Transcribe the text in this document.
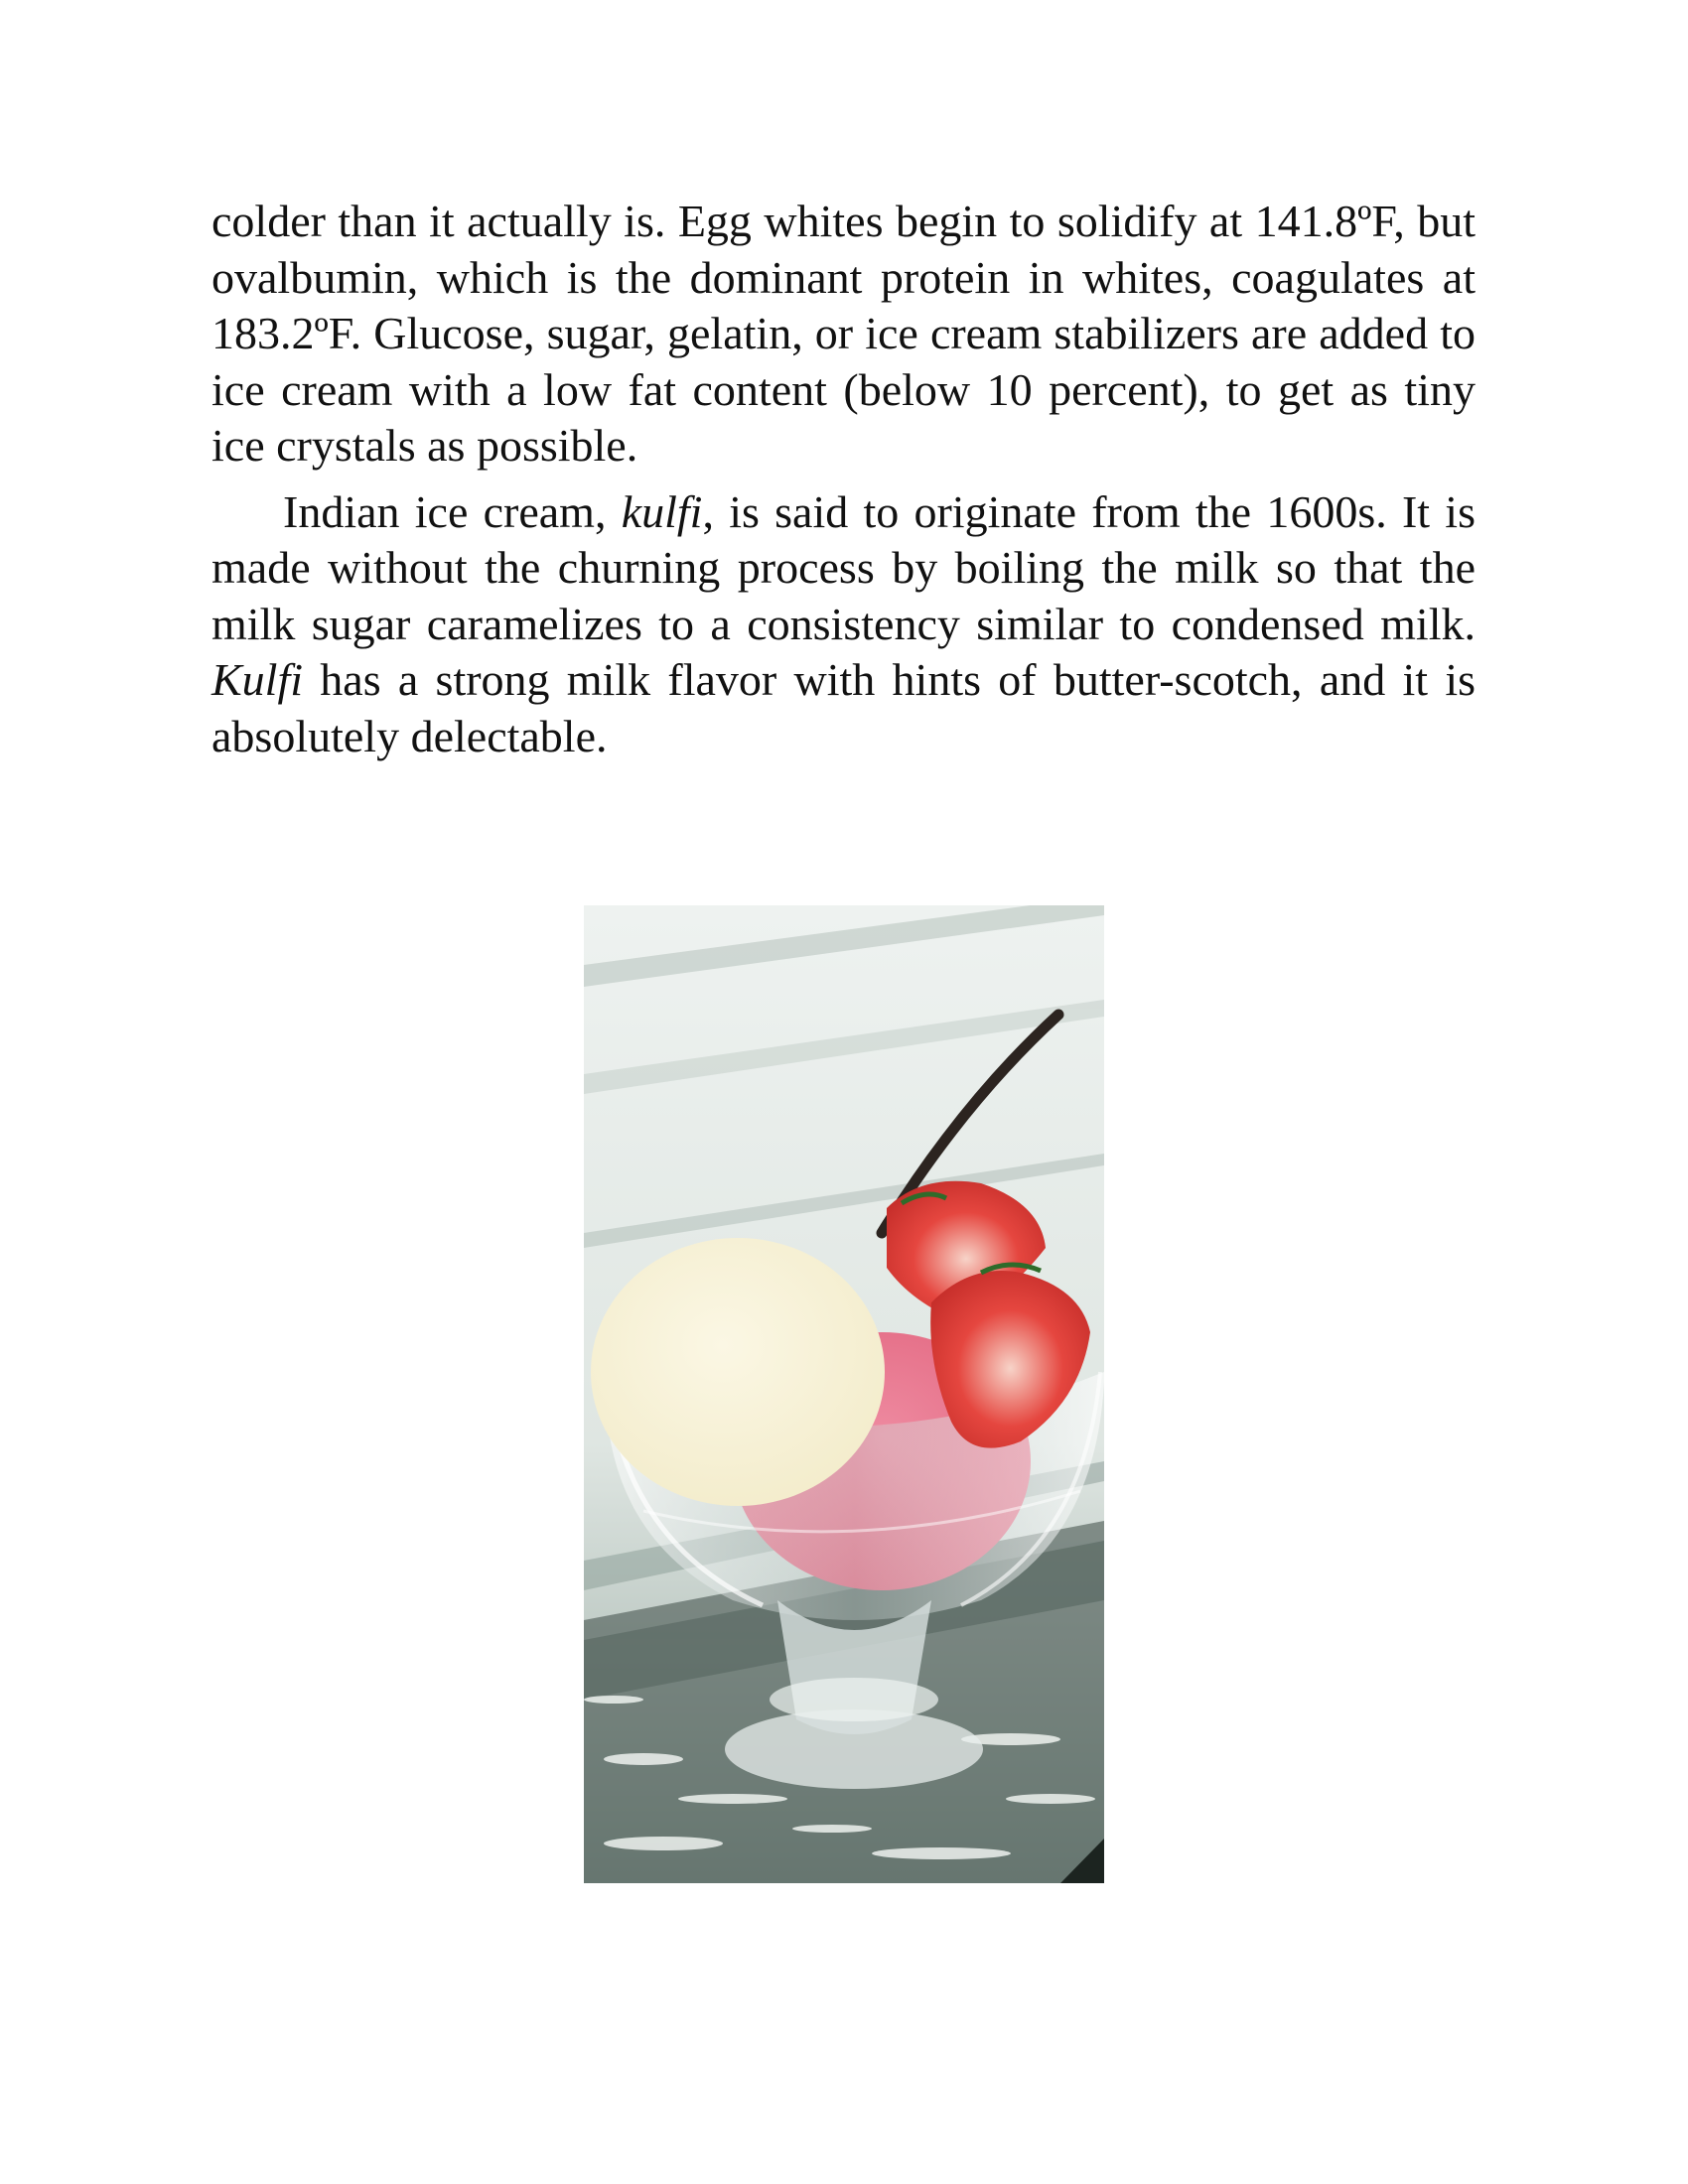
colder than it actually is. Egg whites begin to solidify at 141.8ºF, but ovalbumin, which is the dominant protein in whites, coagulates at 183.2ºF. Glucose, sugar, gelatin, or ice cream stabilizers are added to ice cream with a low fat content (below 10 percent), to get as tiny ice crystals as possible.

Indian ice cream, kulfi, is said to originate from the 1600s. It is made without the churning process by boiling the milk so that the milk sugar caramelizes to a consistency similar to condensed milk. Kulfi has a strong milk flavor with hints of butter-scotch, and it is absolutely delectable.
